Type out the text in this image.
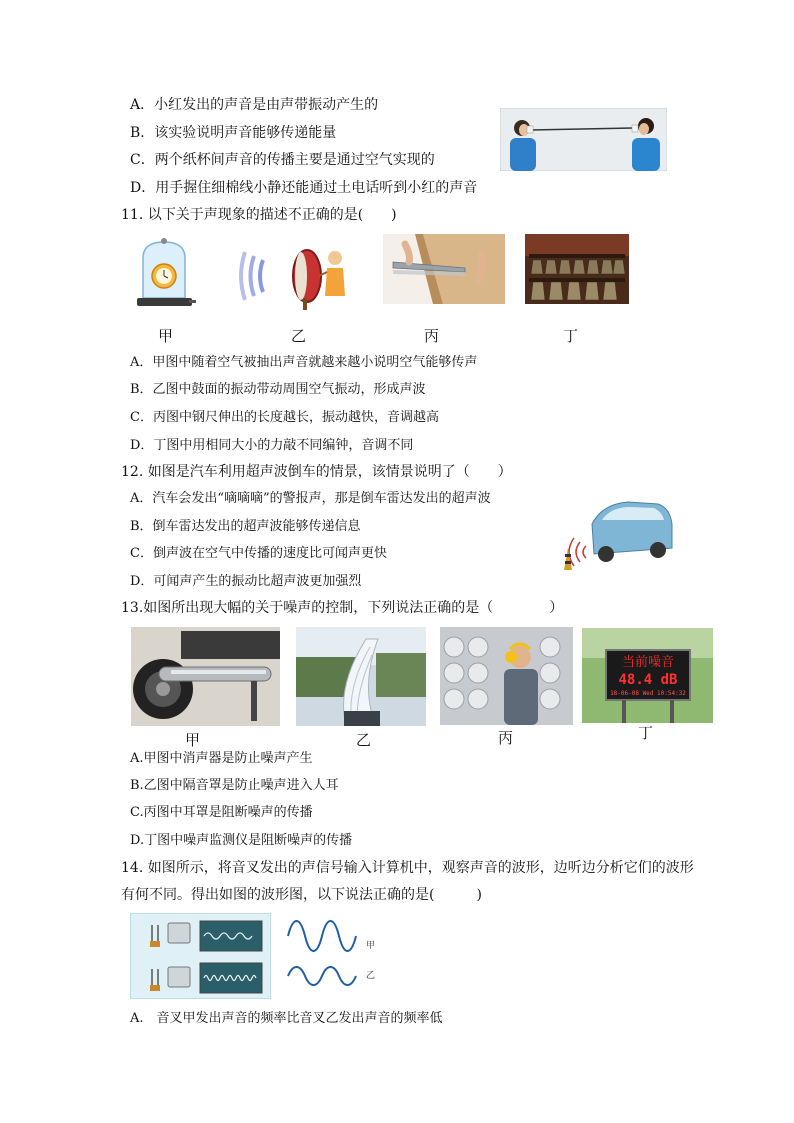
A．小红发出的声音是由声带振动产生的
B．该实验说明声音能够传递能量
C．两个纸杯间声音的传播主要是通过空气实现的
D．用手握住细棉线小静还能通过土电话听到小红的声音
11. 以下关于声现象的描述不正确的是(　　)
甲	乙	丙	丁
A．甲图中随着空气被抽出声音就越来越小说明空气能够传声
B．乙图中鼓面的振动带动周围空气振动，形成声波
C．丙图中钢尺伸出的长度越长，振动越快，音调越高
D．丁图中用相同大小的力敲不同编钟，音调不同
12. 如图是汽车利用超声波倒车的情景，该情景说明了（　　）
A．汽车会发出“嘀嘀嘀”的警报声，那是倒车雷达发出的超声波
B．倒车雷达发出的超声波能够传递信息
C．倒声波在空气中传播的速度比可闻声更快
D．可闻声产生的振动比超声波更加强烈
13.如图所出现大幅的关于噪声的控制，下列说法正确的是（　　　　）
当前噪音
48.4 dB
18-06-08 Wed 10:54:32
甲	乙	丙	丁
A.甲图中消声器是防止噪声产生
B.乙图中隔音罩是防止噪声进入人耳
C.丙图中耳罩是阻断噪声的传播
D.丁图中噪声监测仪是阻断噪声的传播
14. 如图所示，将音叉发出的声信号输入计算机中，观察声音的波形，边听边分析它们的波形
有何不同。得出如图的波形图，以下说法正确的是(　　　)
甲
乙
A.　音叉甲发出声音的频率比音叉乙发出声音的频率低
